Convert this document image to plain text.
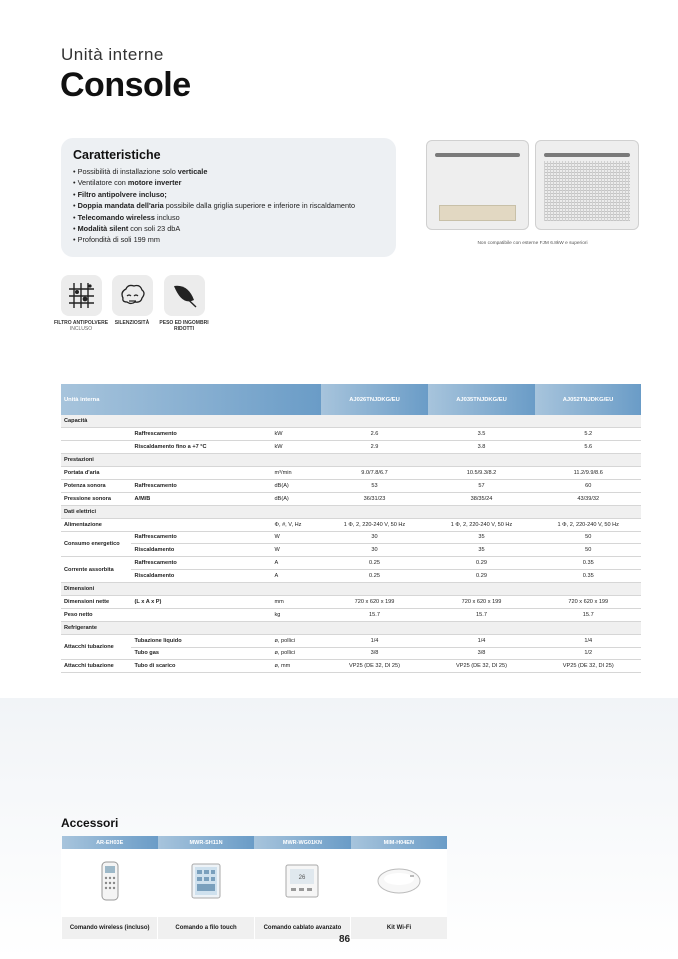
Unità interne
Console
Caratteristiche
• Possibilità di installazione solo verticale
• Ventilatore con motore inverter
• Filtro antipolvere incluso;
• Doppia mandata dell'aria possibile dalla griglia superiore e inferiore in riscaldamento
• Telecomando wireless incluso
• Modalità silent con soli 23 dbA
• Profondità di soli 199 mm	Non compatibile con esterne FJM 6.8kW e superiori
FILTRO ANTIPOLVERE
INCLUSO
SILENZIOSITÀ	PESO ED INGOMBRI RIDOTTI
Unità interna			AJ026TNJDKG/EU	AJ035TNJDKG/EU	AJ052TNJDKG/EU
Capacità					
	Raffrescamento	kW	2.6	3.5	5.2
	Riscaldamento fino a +7 °C	kW	2.9	3.8	5.6
Prestazioni					
Portata d'aria		m³/min	9.0/7.8/6.7	10.5/9.3/8.2	11.2/9.9/8.6
Potenza sonora	Raffrescamento	dB(A)	53	57	60
Pressione sonora	A/M/B	dB(A)	36/31/23	38/35/24	43/39/32
Dati elettrici					
Alimentazione		Φ, #, V, Hz	1 Φ, 2, 220-240 V, 50 Hz	1 Φ, 2, 220-240 V, 50 Hz	1 Φ, 2, 220-240 V, 50 Hz
Consumo energetico	Raffrescamento	W	30	35	50
	Riscaldamento	W	30	35	50
Corrente assorbita	Raffrescamento	A	0.25	0.29	0.35
	Riscaldamento	A	0.25	0.29	0.35
Dimensioni					
Dimensioni nette	(L x A x P)	mm	720 x 620 x 199	720 x 620 x 199	720 x 620 x 199
Peso netto		kg	15.7	15.7	15.7
Refrigerante					
Attacchi tubazione	Tubazione liquido	ø, pollici	1/4	1/4	1/4
	Tubo gas	ø, pollici	3/8	3/8	1/2
Attacchi tubazione	Tubo di scarico	ø, mm	VP25 (DE 32, DI 25)	VP25 (DE 32, DI 25)	VP25 (DE 32, DI 25)
Accessori
AR-EH03E	MWR-SH11N	MWR-WG01KN	MIM-H04EN

26

Comando wireless (incluso)	Comando a filo touch	Comando cablato avanzato	Kit Wi-Fi
86
